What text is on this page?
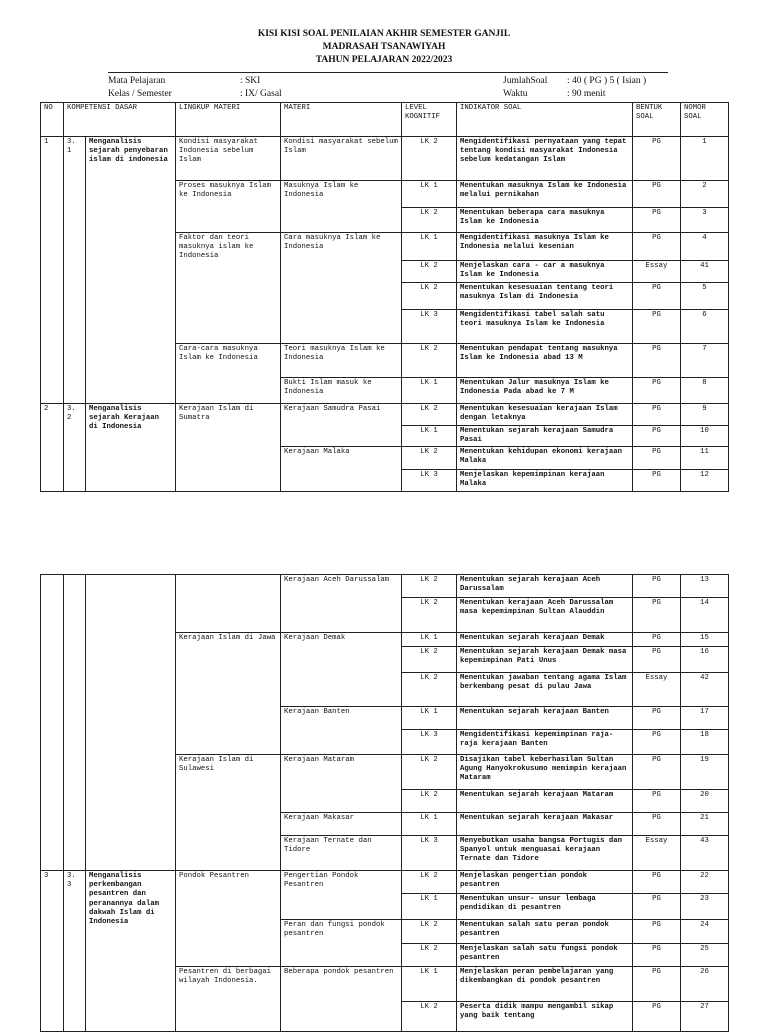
KISI KISI SOAL PENILAIAN AKHIR SEMESTER GANJIL
MADRASAH TSANAWIYAH
TAHUN PELAJARAN 2022/2023
Mata Pelajaran	: SKI
Kelas / Semester	: IX/ Gasal
JumlahSoal : 40 ( PG ) 5 ( Isian )
Waktu	: 90 menit
NO	KOMPETENSI DASAR		LINGKUP MATERI	MATERI	LEVEL KOGNITIF	INDIKATOR SOAL	BENTUK SOAL	NOMOR SOAL
1	3. 1	Menganalisis sejarah penyebaran islam di indonesia	Kondisi masyarakat Indonesia sebelum Islam	Kondisi masyarakat sebelum Islam	LK 2	Mengidentifikasi pernyataan yang tepat tentang kondisi masyarakat Indonesia sebelum kedatangan Islam	PG	1
			Proses masuknya Islam ke Indonesia	Masuknya Islam ke Indonesia	LK 1	Menentukan masuknya Islam ke Indonesia melalui pernikahan	PG	2
					LK 2	Menentukan beberapa cara masuknya Islam ke Indonesia	PG	3
			Faktor dan teori masuknya islam ke Indonesia	Cara masuknya Islam ke Indonesia	LK 1	Mengidentifikasi masuknya Islam ke Indonesia melalui kesenian	PG	4
					LK 2	Menjelaskan cara - car a masuknya Islam ke Indonesia	Essay	41
					LK 2	Menentukan kesesuaian tentang teori masuknya Islam di Indonesia	PG	5
					LK 3	Mengidentifikasi tabel salah satu teori masuknya Islam ke Indonesia	PG	6
			Cara-cara masuknya Islam ke Indonesia	Teori masuknya Islam ke Indonesia	LK 2	Menentukan pendapat tentang masuknya Islam ke Indonesia abad 13 M	PG	7
				Bukti Islam masuk ke Indonesia	LK 1	Menentukan Jalur masuknya Islam ke Indonesia Pada abad ke 7 M	PG	8
2	3. 2	Menganalisis sejarah Kerajaan di Indonesia	Kerajaan Islam di Sumatra	Kerajaan Samudra Pasai	LK 2	Menentukan kesesuaian kerajaan Islam dengan letaknya	PG	9
					LK 1	Menentukan sejarah kerajaan Samudra Pasai	PG	10
				Kerajaan Malaka	LK 2	Menentukan kehidupan ekonomi kerajaan Malaka	PG	11
					LK 3	Menjelaskan kepemimpinan kerajaan Malaka	PG	12
				Kerajaan Aceh Darussalam	LK 2	Menentukan sejarah kerajaan Aceh Darussalam	PG	13
					LK 2	Menentukan kerajaan Aceh Darussalam masa kepemimpinan Sultan Alauddin	PG	14
			Kerajaan Islam di Jawa	Kerajaan Demak	LK 1	Menentukan sejarah kerajaan Demak	PG	15
					LK 2	Menentukan sejarah kerajaan Demak masa kepemimpinan Pati Unus	PG	16
					LK 2	Menentukan jawaban tentang agama Islam berkembang pesat di pulau Jawa	Essay	42
				Kerajaan Banten	LK 1	Menentukan sejarah kerajaan Banten	PG	17
					LK 3	Mengidentifikasi kepemimpinan raja- raja kerajaan Banten	PG	18
			Kerajaan Islam di Sulawesi	Kerajaan Mataram	LK 2	Disajikan tabel keberhasilan Sultan Agung Hanyokrokusumo memimpin kerajaan Mataram	PG	19
					LK 2	Menentukan sejarah kerajaan Mataram	PG	20
				Kerajaan Makasar	LK 1	Menentukan sejarah kerajaan Makasar	PG	21
				Kerajaan Ternate dan Tidore	LK 3	Menyebutkan usaha bangsa Portugis dan Spanyol untuk menguasai kerajaan Ternate dan Tidore	Essay	43
3	3. 3	Menganalisis perkembangan pesantren dan peranannya dalam dakwah Islam di Indonesia	Pondok Pesantren	Pengertian Pondok Pesantren	LK 2	Menjelaskan pengertian pondok pesantren	PG	22
					LK 1	Menentukan unsur- unsur lembaga pendidikan di pesantren	PG	23
				Peran dan fungsi pondok pesantren	LK 2	Menentukan salah satu peran pondok pesantren	PG	24
					LK 2	Menjelaskan salah satu fungsi pondok pesantren	PG	25
			Pesantren di berbagai wilayah Indonesia.	Beberapa pondok pesantren	LK 1	Menjelaskan peran pembelajaran yang dikembangkan di pondok pesantren	PG	26
					LK 2	Peserta didik mampu mengambil sikap yang baik tentang	PG	27
